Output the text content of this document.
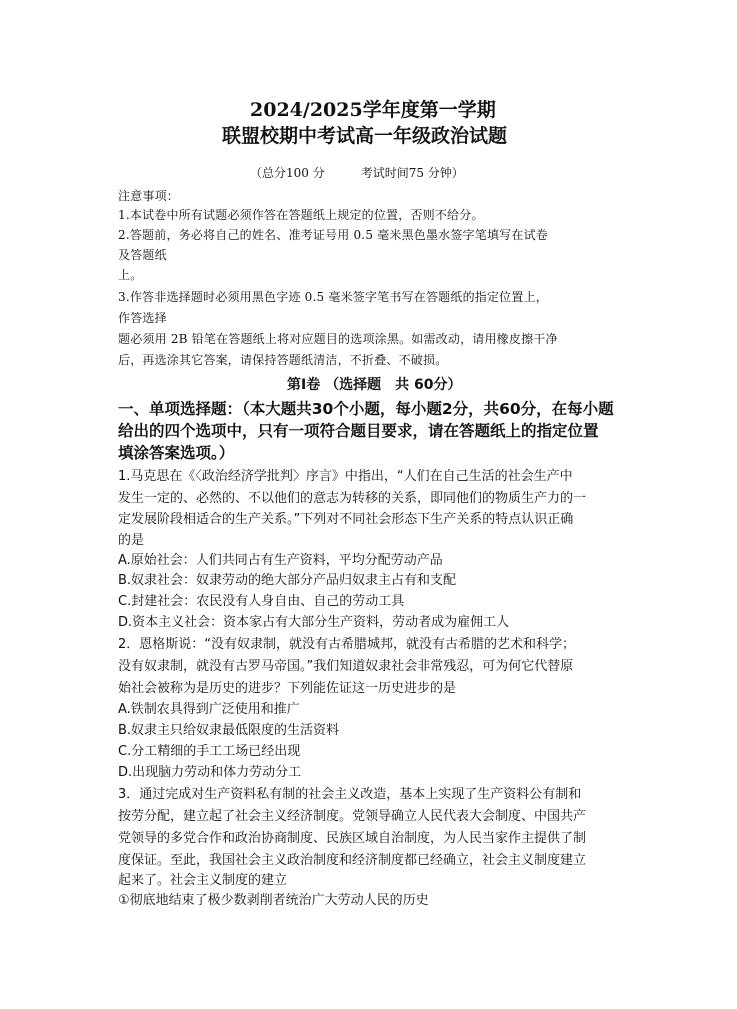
2024/2025学年度第一学期
联盟校期中考试高一年级政治试题
（总分100 分　　　考试时间75 分钟）
注意事项：
1.本试卷中所有试题必须作答在答题纸上规定的位置，否则不给分。
2.答题前，务必将自己的姓名、准考证号用 0.5 毫米黑色墨水签字笔填写在试卷
及答题纸
上。
3.作答非选择题时必须用黑色字迹 0.5 毫米签字笔书写在答题纸的指定位置上，
作答选择
题必须用 2B 铅笔在答题纸上将对应题目的选项涂黑。如需改动，请用橡皮擦干净
后，再选涂其它答案，请保持答题纸清洁，不折叠、不破损。
第Ⅰ卷 （选择题　共 60分）
一、单项选择题：（本大题共30个小题，每小题2分，共60分，在每小题
给出的四个选项中，只有一项符合题目要求，请在答题纸上的指定位置
填涂答案选项。）
1.马克思在《〈政治经济学批判〉序言》中指出，“人们在自己生活的社会生产中
发生一定的、必然的、不以他们的意志为转移的关系，即同他们的物质生产力的一
定发展阶段相适合的生产关系。”下列对不同社会形态下生产关系的特点认识正确
的是
A.原始社会：人们共同占有生产资料，平均分配劳动产品
B.奴隶社会：奴隶劳动的绝大部分产品归奴隶主占有和支配
C.封建社会：农民没有人身自由、自己的劳动工具
D.资本主义社会：资本家占有大部分生产资料，劳动者成为雇佣工人
2．恩格斯说：“没有奴隶制，就没有古希腊城邦，就没有古希腊的艺术和科学；
没有奴隶制，就没有古罗马帝国。”我们知道奴隶社会非常残忍，可为何它代替原
始社会被称为是历史的进步？下列能佐证这一历史进步的是
A.铁制农具得到广泛使用和推广
B.奴隶主只给奴隶最低限度的生活资料
C.分工精细的手工工场已经出现
D.出现脑力劳动和体力劳动分工
3．通过完成对生产资料私有制的社会主义改造，基本上实现了生产资料公有制和
按劳分配，建立起了社会主义经济制度。党领导确立人民代表大会制度、中国共产
党领导的多党合作和政治协商制度、民族区域自治制度，为人民当家作主提供了制
度保证。至此，我国社会主义政治制度和经济制度都已经确立，社会主义制度建立
起来了。社会主义制度的建立
①彻底地结束了极少数剥削者统治广大劳动人民的历史
